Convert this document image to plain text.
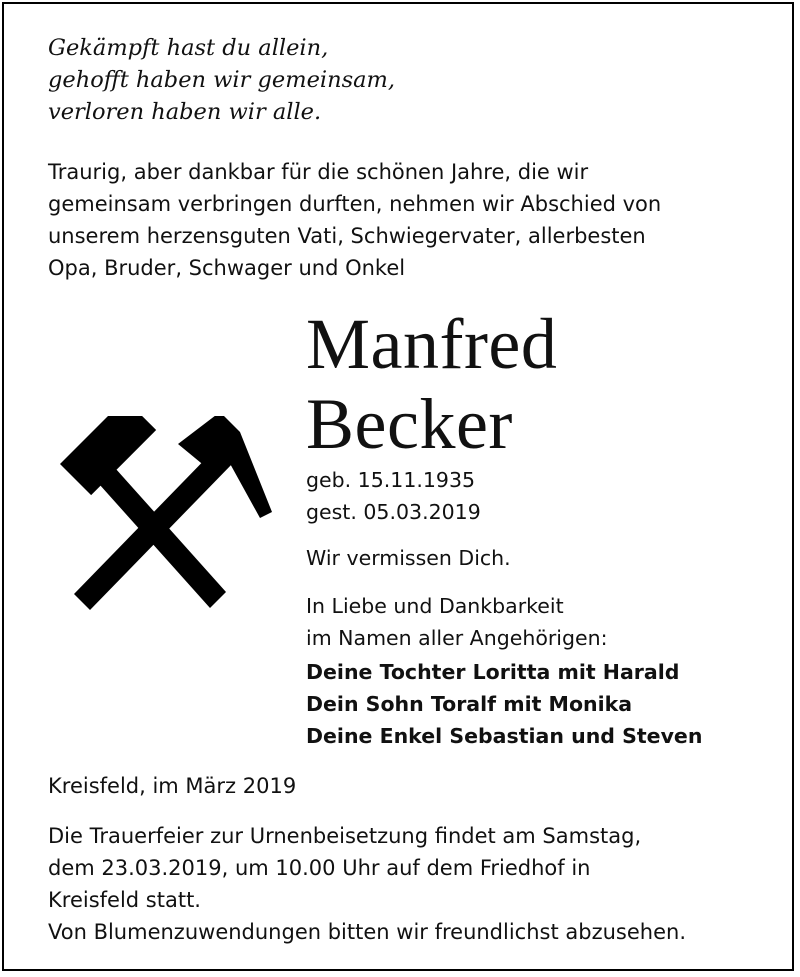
Gekämpft hast du allein,
gehofft haben wir gemeinsam,
verloren haben wir alle.
Traurig, aber dankbar für die schönen Jahre, die wir
gemeinsam verbringen durften, nehmen wir Abschied von
unserem herzensguten Vati, Schwiegervater, allerbesten
Opa, Bruder, Schwager und Onkel
Manfred
Becker
geb. 15.11.1935
gest. 05.03.2019
Wir vermissen Dich.
In Liebe und Dankbarkeit
im Namen aller Angehörigen:
Deine Tochter Loritta mit Harald
Dein Sohn Toralf mit Monika
Deine Enkel Sebastian und Steven
Kreisfeld, im März 2019
Die Trauerfeier zur Urnenbeisetzung findet am Samstag,
dem 23.03.2019, um 10.00 Uhr auf dem Friedhof in
Kreisfeld statt.
Von Blumenzuwendungen bitten wir freundlichst abzusehen.
